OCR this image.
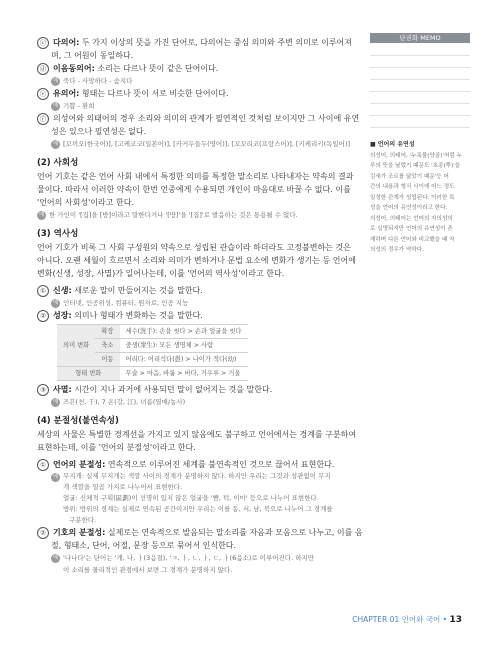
ⓒ 다의어: 두 가지 이상의 뜻을 가진 단어로, 다의어는 중심 의미와 주변 의미로 이루어져
며, 그 어원이 동일하다.
ⓓ 이음동의어: 소리는 다르나 뜻이 같은 단어이다.
예 죽다 - 사망하다 - 숨지다
ⓔ 유의어: 형태는 다르나 뜻이 서로 비슷한 단어이다.
예 기쁨 - 환희
ⓕ 의성어와 의태어의 경우 소리와 의미의 관계가 필연적인 것처럼 보이지만 그 사이에 유연
성은 있으나 필연성은 없다.
예 [꼬끼오(한국어)], [고케코코(일본어)], [카커두들두(영어)], [꼬꼬리코(프랑스어)], [키케리키(독일어)]
(2) 사회성
언어 기호는 같은 언어 사회 내에서 특정한 의미를 특정한 말소리로 나타내자는 약속의 결과
물이다. 따라서 이러한 약속이 한번 언중에게 수용되면 개인이 마음대로 바꿀 수 없다. 이를
'언어의 사회성'이라고 한다.
예 한 가인이 '[집]을 [방]이라고 말한다거나 '[방]'을 '[집]'로 발음하는 것은 통용될 수 없다.
(3) 역사성
언어 기호가 비록 그 사회 구성원의 약속으로 성립된 관습이라 하더라도 고정불변하는 것은
아니다. 오랜 세월이 흐르면서 소리와 의미가 변하거나 문법 요소에 변화가 생기는 등 언어에
변화(신생, 성장, 사멸)가 일어나는데, 이를 '언어의 역사성'이라고 한다.
① 신생: 새로운 말이 만들어지는 것을 말한다.
예 인터넷, 인공위성, 컴퓨터, 원자로, 인공 지능
② 성장: 의미나 형태가 변화하는 것을 말한다.
의미 변화	확장	세수(洗手): 손을 씻다 > 손과 얼굴을 씻다
	축소	중생(衆生): 모든 생명체 > 사람
	이동	어리다: 어리석다(愚) > 나이가 적다(幼)
형태 변화		무술 > 마음, 바룹 > 바다, 거우루 > 거울
③ 사멸: 시간이 지나 과거에 사용되던 말이 없어지는 것을 말한다.
예 즈믄(천, 千), 7 온(강, 江), 녀름(열매/농사)
(4) 분절성(불연속성)
세상의 사물은 특별한 경계선을 가지고 있지 않음에도 불구하고 언어에서는 경계를 구분하여
표현하는데, 이를 '언어의 분절성'이라고 한다.
① 언어의 분절성: 연속적으로 이루어진 세계를 불연속적인 것으로 끊어서 표현한다.
예 무지개: 실제 무지개는 색깔 사이의 경계가 분명하지 않다. 하지만 우리는 그것과 성관없이 무지
개 색깔을 일곱 가지로 나누어서 표현한다.
얼굴: 신체적 구획(區劃)이 선명히 있지 않은 얼굴을 '뺨, 턱, 이마' 등으로 나누어 표현한다.
방위: 방위의 경계는 실제로 연속된 공간이지만 우리는 이를 동, 서, 남, 북으로 나누어 그 경계를
구분한다.
② 기호의 분절성: 실제로는 연속적으로 발음되는 말소리를 자음과 모음으로 나누고, 이를 음
절, 형태소, 단어, 어절, 문장 등으로 묶어서 인식한다.
예 '나나다'는 단어는 '개, 나, ㅏ(3음절), 'ㅋ, ㅏ, ㄴ, ㅏ, ㄷ, ㅏ(6음소)로 이루어진다. 하지만
이 소리를 물리적인 관점에서 보면 그 경계가 분명하지 않다.
단권화 MEMO
■ 언어의 유연성
의성어, 의태어, '누룩물(양골)'처럼 누
루의 뜻을 날렸기 때문도 '초종(뿌)'을
김새가 조르를 닮았기 때문'등 어
간의 내용과 형식 사이에 어느 정도
일정한 관계가 성립된다. 이러한 특
성을 언어의 유연성이라고 한다.
의성어, 의태어는 언어의 자의성의
로 실명되지만 언어의 유연성이 존
재하며 다른 언어와 비교했을 때 자
의성의 경우가 약하다.
CHAPTER 01 언어와 국어 • 13
